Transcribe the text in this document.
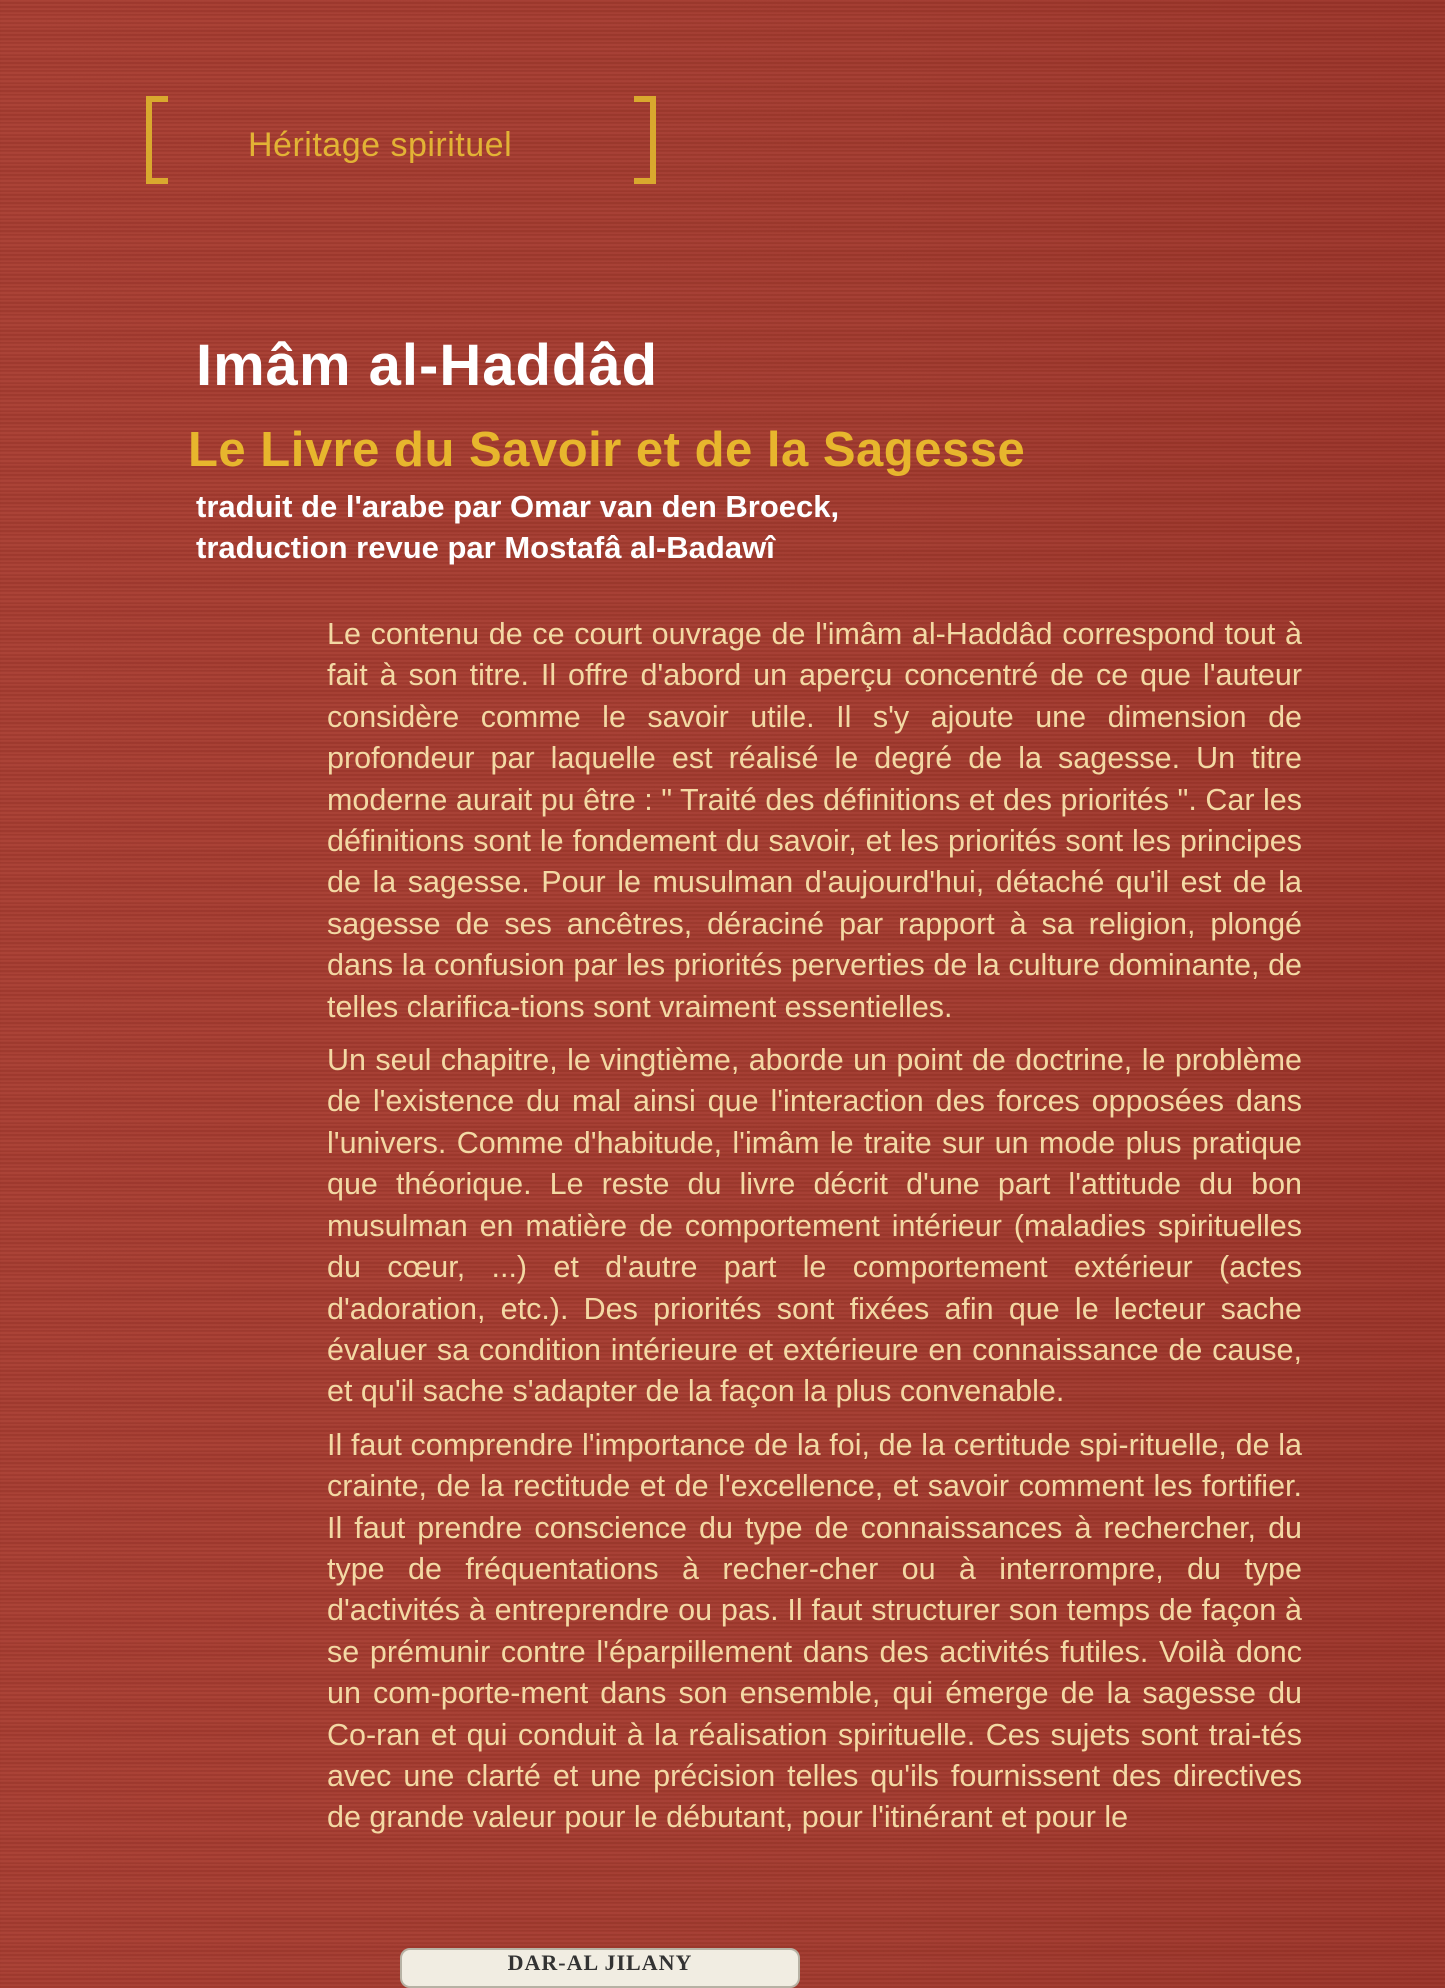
Héritage spirituel
Imâm al-Haddâd
Le Livre du Savoir et de la Sagesse
traduit de l'arabe par Omar van den Broeck,
traduction revue par Mostafâ al-Badawî

Le contenu de ce court ouvrage de l'imâm al-Haddâd correspond tout à fait à son titre. Il offre d'abord un aperçu concentré de ce que l'auteur considère comme le savoir utile. Il s'y ajoute une dimension de profondeur par laquelle est réalisé le degré de la sagesse. Un titre moderne aurait pu être : " Traité des définitions et des priorités ". Car les définitions sont le fondement du savoir, et les priorités sont les principes de la sagesse. Pour le musulman d'aujourd'hui, détaché qu'il est de la sagesse de ses ancêtres, déraciné par rapport à sa religion, plongé dans la confusion par les priorités perverties de la culture dominante, de telles clarifica-tions sont vraiment essentielles.

Un seul chapitre, le vingtième, aborde un point de doctrine, le problème de l'existence du mal ainsi que l'interaction des forces opposées dans l'univers. Comme d'habitude, l'imâm le traite sur un mode plus pratique que théorique. Le reste du livre décrit d'une part l'attitude du bon musulman en matière de comportement intérieur (maladies spirituelles du cœur, ...) et d'autre part le comportement extérieur (actes d'adoration, etc.). Des priorités sont fixées afin que le lecteur sache évaluer sa condition intérieure et extérieure en connaissance de cause, et qu'il sache s'adapter de la façon la plus convenable.

Il faut comprendre l'importance de la foi, de la certitude spi-rituelle, de la crainte, de la rectitude et de l'excellence, et savoir comment les fortifier. Il faut prendre conscience du type de connaissances à rechercher, du type de fréquentations à recher-cher ou à interrompre, du type d'activités à entreprendre ou pas. Il faut structurer son temps de façon à se prémunir contre l'éparpillement dans des activités futiles. Voilà donc un com-porte-ment dans son ensemble, qui émerge de la sagesse du Co-ran et qui conduit à la réalisation spirituelle. Ces sujets sont trai-tés avec une clarté et une précision telles qu'ils fournissent des directives de grande valeur pour le débutant, pour l'itinérant et pour le

DAR-AL JILANY
